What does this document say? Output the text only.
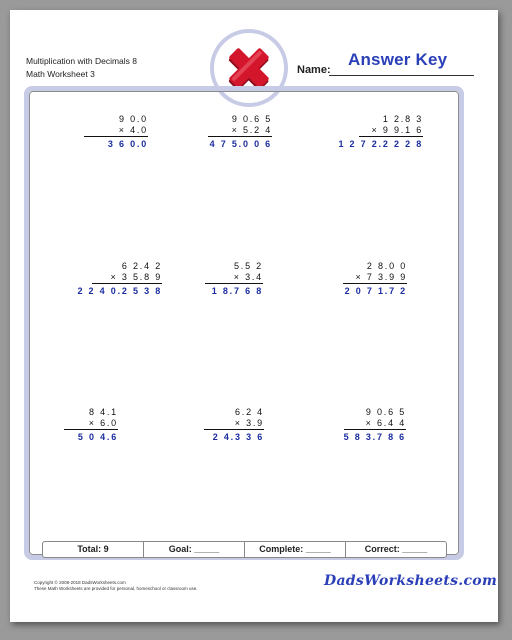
Multiplication with Decimals 8
Math Worksheet 3	Name:
Answer Key
9 0.0
× 4.0
3 6 0.0
9 0.6 5
× 5.2 4
4 7 5.0 0 6
1 2.8 3
× 9 9.1 6
1 2 7 2.2 2 2 8
6 2.4 2
× 3 5.8 9
2 2 4 0.2 5 3 8
5.5 2
× 3.4
1 8.7 6 8
2 8.0 0
× 7 3.9 9
2 0 7 1.7 2
8 4.1
× 6.0
5 0 4.6
6.2 4
× 3.9
2 4.3 3 6
9 0.6 5
× 6.4 4
5 8 3.7 8 6
Total: 9	Goal: _____	Complete: _____	Correct: _____
Copyright © 2008-2018 DadsWorksheets.com
These Math Worksheets are provided for personal, homeschool or classroom use.	DadsWorksheets.com
